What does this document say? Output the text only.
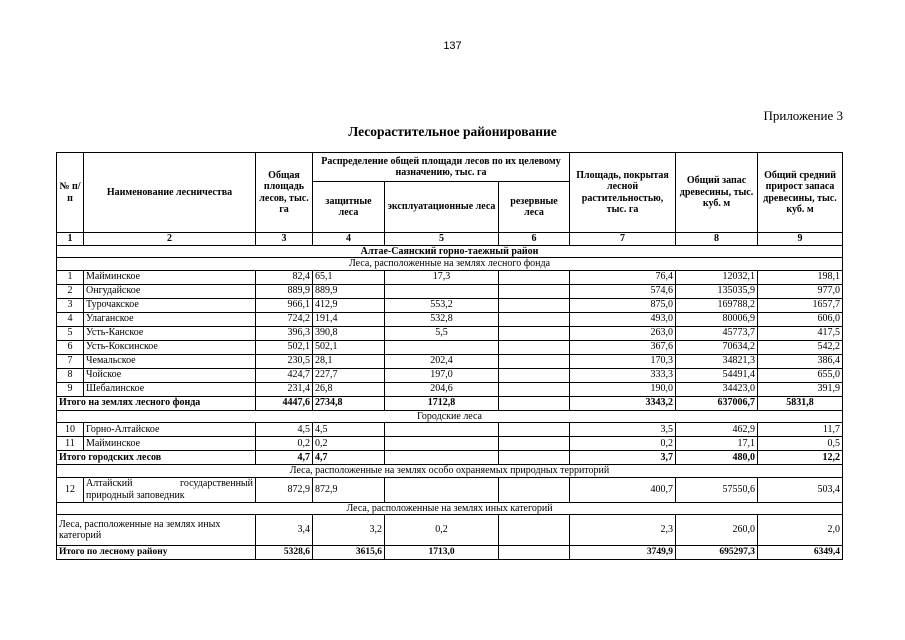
137
Приложение 3
Лесорастительное районирование
№ п/п	Наименование лесничества	Общая площадь лесов, тыс. га	Распределение общей площади лесов по их целевому назначению, тыс. га			Площадь, покрытая лесной растительностью, тыс. га	Общий запас древесины, тыс. куб. м	Общий средний прирост запаса древесины, тыс. куб. м
			защитные леса	эксплуатационные леса	резервные леса			
1	2	3	4	5	6	7	8	9
Алтае-Саянский горно-таежный район								
Леса, расположенные на землях лесного фонда								
1	Майминское	82,4	65,1	17,3		76,4	12032,1	198,1
2	Онгудайское	889,9	889,9			574,6	135035,9	977,0
3	Турочакское	966,1	412,9	553,2		875,0	169788,2	1657,7
4	Улаганское	724,2	191,4	532,8		493,0	80006,9	606,0
5	Усть-Канское	396,3	390,8	5,5		263,0	45773,7	417,5
6	Усть-Коксинское	502,1	502,1			367,6	70634,2	542,2
7	Чемальское	230,5	28,1	202,4		170,3	34821,3	386,4
8	Чойское	424,7	227,7	197,0		333,3	54491,4	655,0
9	Шебалинское	231,4	26,8	204,6		190,0	34423,0	391,9
Итого на землях лесного фонда		4447,6	2734,8	1712,8		3343,2	637006,7	5831,8
Городские леса								
10	Горно-Алтайское	4,5	4,5			3,5	462,9	11,7
11	Майминское	0,2	0,2			0,2	17,1	0,5
Итого городских лесов		4,7	4,7			3,7	480,0	12,2
Леса, расположенные на землях особо охраняемых природных территорий								
12	Алтайский государственный природный заповедник	872,9	872,9			400,7	57550,6	503,4
Леса, расположенные на землях иных категорий								
Леса, расположенные на землях иных категорий		3,4	3,2	0,2		2,3	260,0	2,0
Итого по лесному району		5328,6	3615,6	1713,0		3749,9	695297,3	6349,4
